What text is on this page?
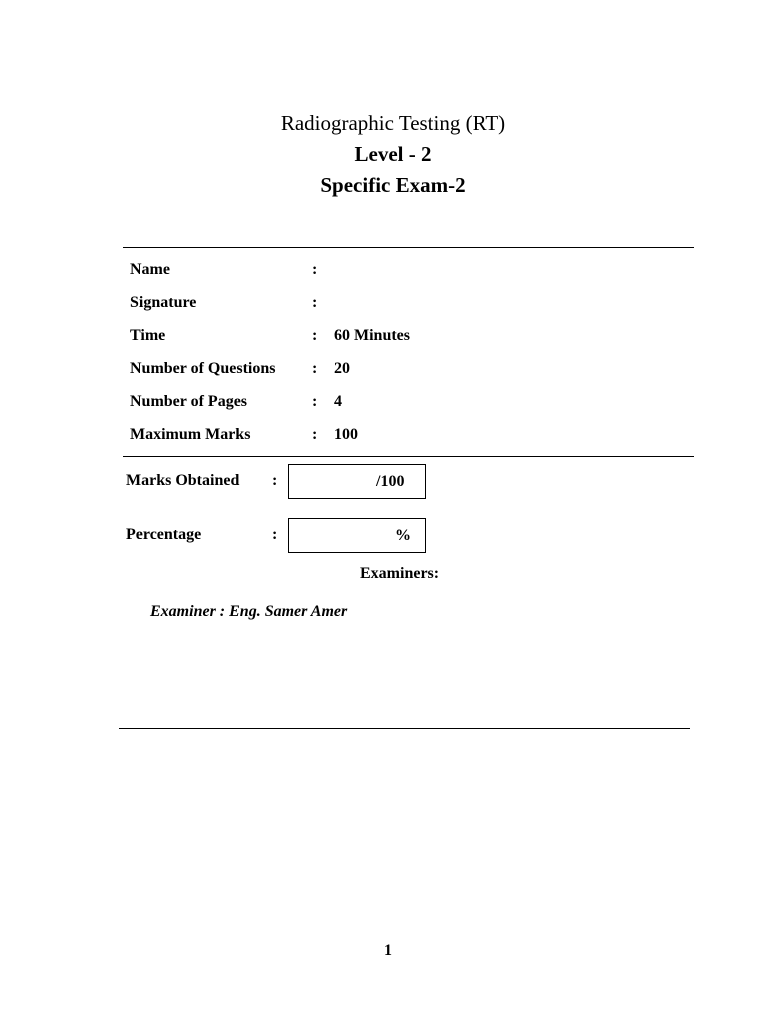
Radiographic Testing (RT)
Level - 2
Specific Exam-2
Name	:
Signature	:
Time	: 60 Minutes
Number of Questions : 20
Number of Pages	: 4
Maximum Marks	: 100
Marks Obtained :	/100
Percentage	:	%
Examiners:
Examiner : Eng. Samer Amer
1
